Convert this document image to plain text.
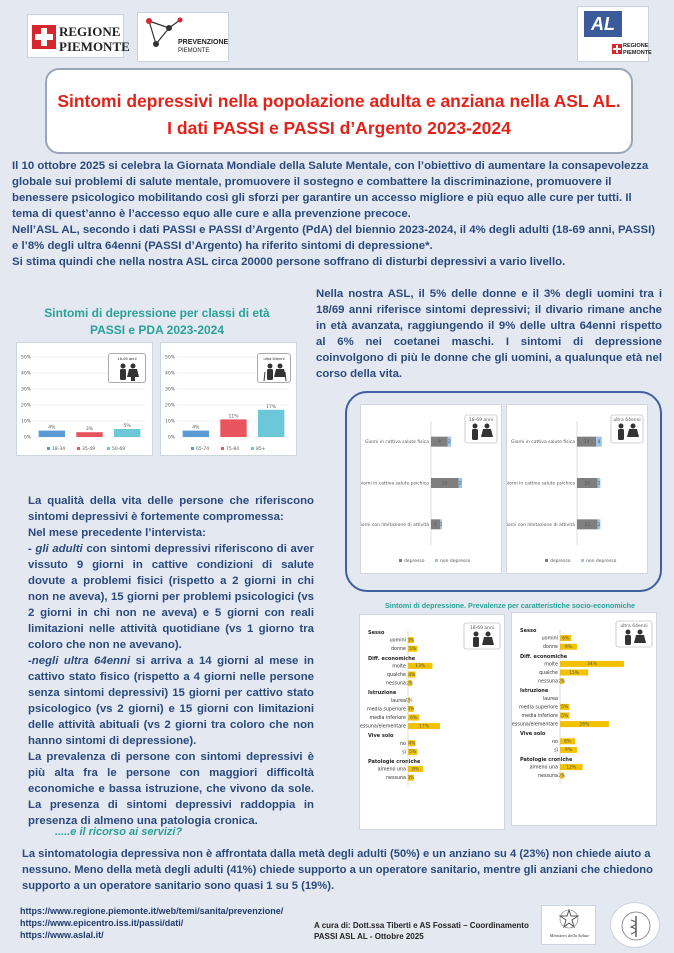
REGIONE
PIEMONTE	PREVENZIONE
PIEMONTE
AL
REGIONE
PIEMONTE
Sintomi depressivi nella popolazione adulta e anziana nella ASL AL.
I dati PASSI e PASSI d’Argento 2023-2024
Il 10 ottobre 2025 si celebra la Giornata Mondiale della Salute Mentale, con l’obiettivo di aumentare la consapevolezza globale sui problemi di salute mentale, promuovere il sostegno e combattere la discriminazione, promuovere il benessere psicologico mobilitando così gli sforzi per garantire un accesso migliore e più equo alle cure per tutti. Il tema di quest’anno è l’accesso equo alle cure e alla prevenzione precoce.
Nell’ASL AL, secondo i dati PASSI e PASSI d’Argento (PdA) del biennio 2023-2024, il 4% degli adulti (18-69 anni, PASSI) e l’8% degli ultra 64enni (PASSI d’Argento) ha riferito sintomi di depressione*.
Si stima quindi che nella nostra ASL circa 20000 persone soffrano di disturbi depressivi a vario livello.
Sintomi di depressione per classi di età
PASSI e PDA 2023-2024
Nella nostra ASL, il 5% delle donne e il 3% degli uomini tra i 18/69 anni riferisce sintomi depressivi; il divario rimane anche in età avanzata, raggiungendo il 9% delle ultra 64enni rispetto al 6% nei coetanei maschi. I sintomi di depressione coinvolgono di più le donne che gli uomini, a qualunque età nel corso della vita.
0%
10%
20%
30%
40%
50%
4%	3%
5%
18-34	35-49	50-69
18-69 anni
0%
10%
20%
30%
40%
50%
4%
11%
17%
65-74	75-84	85+
ultra 64enni
Giorni in cattiva salute fisica 9 2
Giorni in cattiva salute psichica	15	2
Giorni con limitazione di attività 5 1
depresso	non depresso
18-69 anni
Giorni in cattiva salute fisica 14 4
Giorni in cattiva salute psichica 15 2
Giorni con limitazione di attività 15 2
depresso	non depresso
ultra 64enni
La qualità della vita delle persone che riferiscono sintomi depressivi è fortemente compromessa:
Nel mese precedente l’intervista:
- gli adulti con sintomi depressivi riferiscono di aver vissuto 9 giorni in cattive condizioni di salute dovute a problemi fisici (rispetto a 2 giorni in chi non ne aveva), 15 giorni per problemi psicologici (vs 2 giorni in chi non ne aveva) e 5 giorni con reali limitazioni nelle attività quotidiane (vs 1 giorno tra coloro che non ne avevano).
-negli ultra 64enni si arriva a 14 giorni al mese in cattivo stato fisico (rispetto a 4 giorni nelle persone senza sintomi depressivi) 15 giorni per cattivo stato psicologico (vs 2 giorni) e 15 giorni con limitazioni delle attività abituali (vs 2 giorni tra coloro che non hanno sintomi di depressione).
La prevalenza di persone con sintomi depressivi è più alta fra le persone con maggiori difficoltà economiche e bassa istruzione, che vivono da sole. La presenza di sintomi depressivi raddoppia in presenza di almeno una patologia cronica.
Sintomi di depressione. Prevalenze per caratteristiche socio-economiche
Sesso
uomini 3%
donne 5%
Diff. economiche
molte 13%
qualche 4%
nessuna 2%
Istruzione
laurea 1%
media superiore 3%
media inferiore 6%
nessuna/elementare	17%
Vive solo
no 4%
sì 5%
Patologie croniche
almeno una 8%
nessuna 3%
18-69 anni	Sesso
uomini 6%
donne 9%
Diff. economiche
molte	34%
qualche 15%
nessuna 2%
Istruzione
laurea
media superiore 5%
media inferiore 5%
nessuna/elementare	26%
Vive solo
no 8%
sì 9%
Patologie croniche
almeno una 12%
nessuna 2%
ultra 64enni
.....e il ricorso ai servizi?
La sintomatologia depressiva non è affrontata dalla metà degli adulti (50%) e un anziano su 4 (23%) non chiede aiuto a nessuno. Meno della metà degli adulti (41%) chiede supporto a un operatore sanitario, mentre gli anziani che chiedono supporto a un operatore sanitario sono quasi 1 su 5 (19%).
https://www.regione.piemonte.it/web/temi/sanita/prevenzione/
https://www.epicentro.iss.it/passi/dati/
https://www.aslal.it/
A cura di: Dott.ssa Tiberti e AS Fossati – Coordinamento
PASSI ASL AL - Ottobre 2025	Ministero della Salute
